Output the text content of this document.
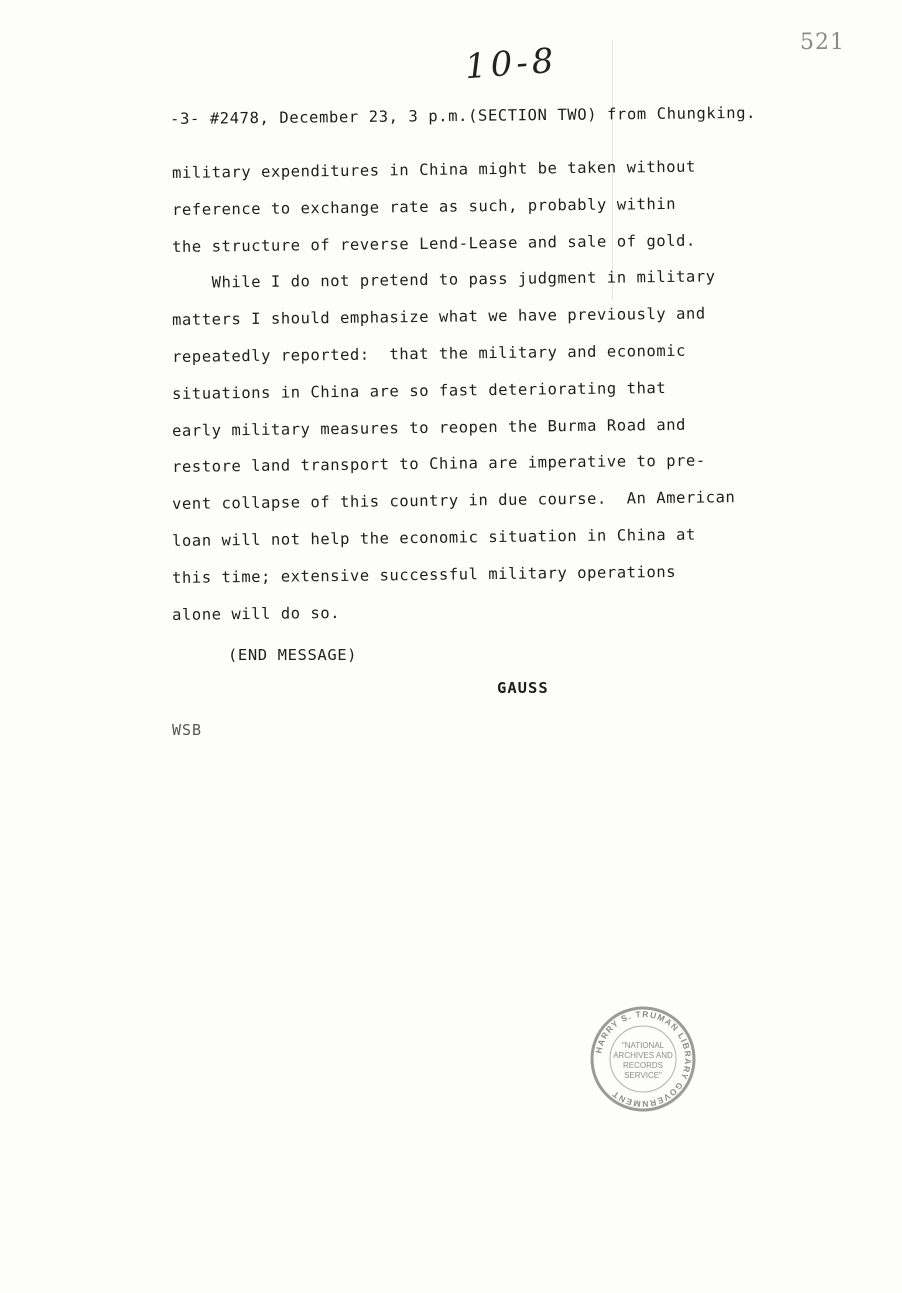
521
10-8
-3- #2478, December 23, 3 p.m.(SECTION TWO) from Chungking.
military expenditures in China might be taken without
reference to exchange rate as such, probably within
the structure of reverse Lend-Lease and sale of gold.
While I do not pretend to pass judgment in military
matters I should emphasize what we have previously and
repeatedly reported:  that the military and economic
situations in China are so fast deteriorating that
early military measures to reopen the Burma Road and
restore land transport to China are imperative to pre-
vent collapse of this country in due course.  An American
loan will not help the economic situation in China at
this time; extensive successful military operations
alone will do so.
(END MESSAGE)
GAUSS
WSB
HARRY S. TRUMAN LIBRARY GOVERNMENT
"NATIONAL
ARCHIVES AND
RECORDS
SERVICE"
